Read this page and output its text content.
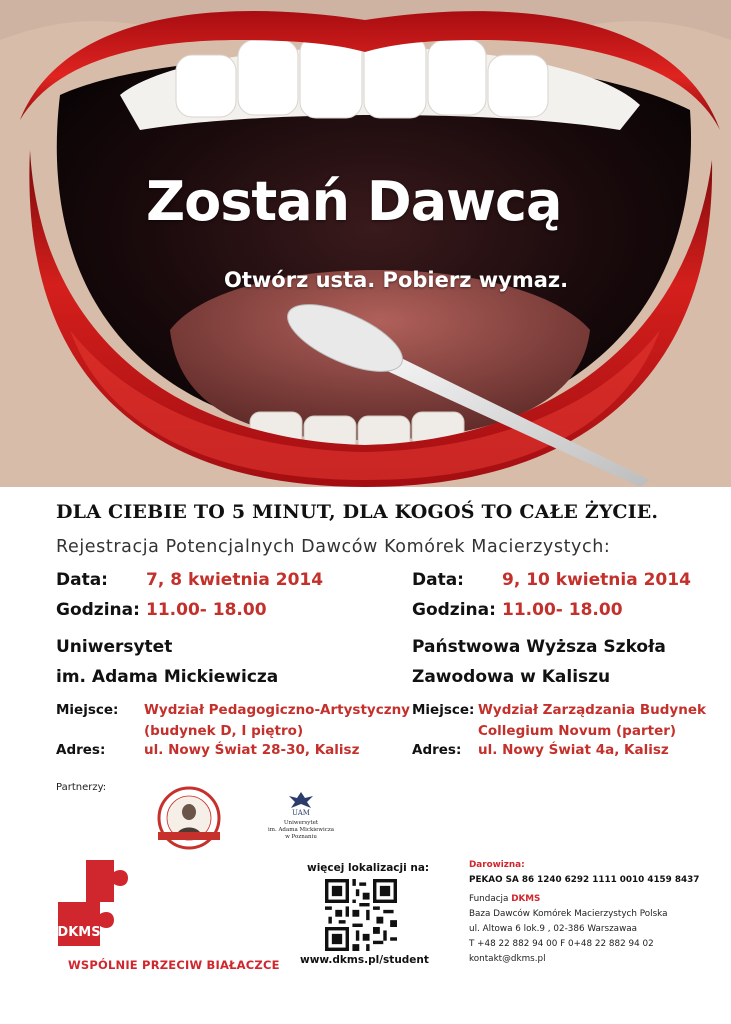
Zostań Dawcą
Otwórz usta. Pobierz wymaz.
DLA CIEBIE TO 5 MINUT, DLA KOGOŚ TO CAŁE ŻYCIE.
Rejestracja Potencjalnych Dawców Komórek Macierzystych:
Data: 7, 8 kwietnia 2014
Godzina: 11.00- 18.00
Uniwersytet
im. Adama Mickiewicza
Miejsce: Wydział Pedagogiczno-Artystyczny
(budynek D, I piętro)
Adres:	ul. Nowy Świat 28-30, Kalisz
Data: 9, 10 kwietnia 2014
Godzina: 11.00- 18.00
Państwowa Wyższa Szkoła
Zawodowa w Kaliszu
Miejsce: Wydział Zarządzania Budynek
Collegium Novum (parter)
Adres: ul. Nowy Świat 4a, Kalisz
Partnerzy:
UAM
Uniwersytet
im. Adama Mickiewicza
w Poznaniu
DKMS
WSPÓLNIE PRZECIW BIAŁACZCE
więcej lokalizacji na:
www.dkms.pl/student
Darowizna:
PEKAO SA 86 1240 6292 1111 0010 4159 8437
Fundacja DKMS
Baza Dawców Komórek Macierzystych Polska
ul. Altowa 6 lok.9 , 02-386 Warszawaa
T +48 22 882 94 00 F 0+48 22 882 94 02
kontakt@dkms.pl
